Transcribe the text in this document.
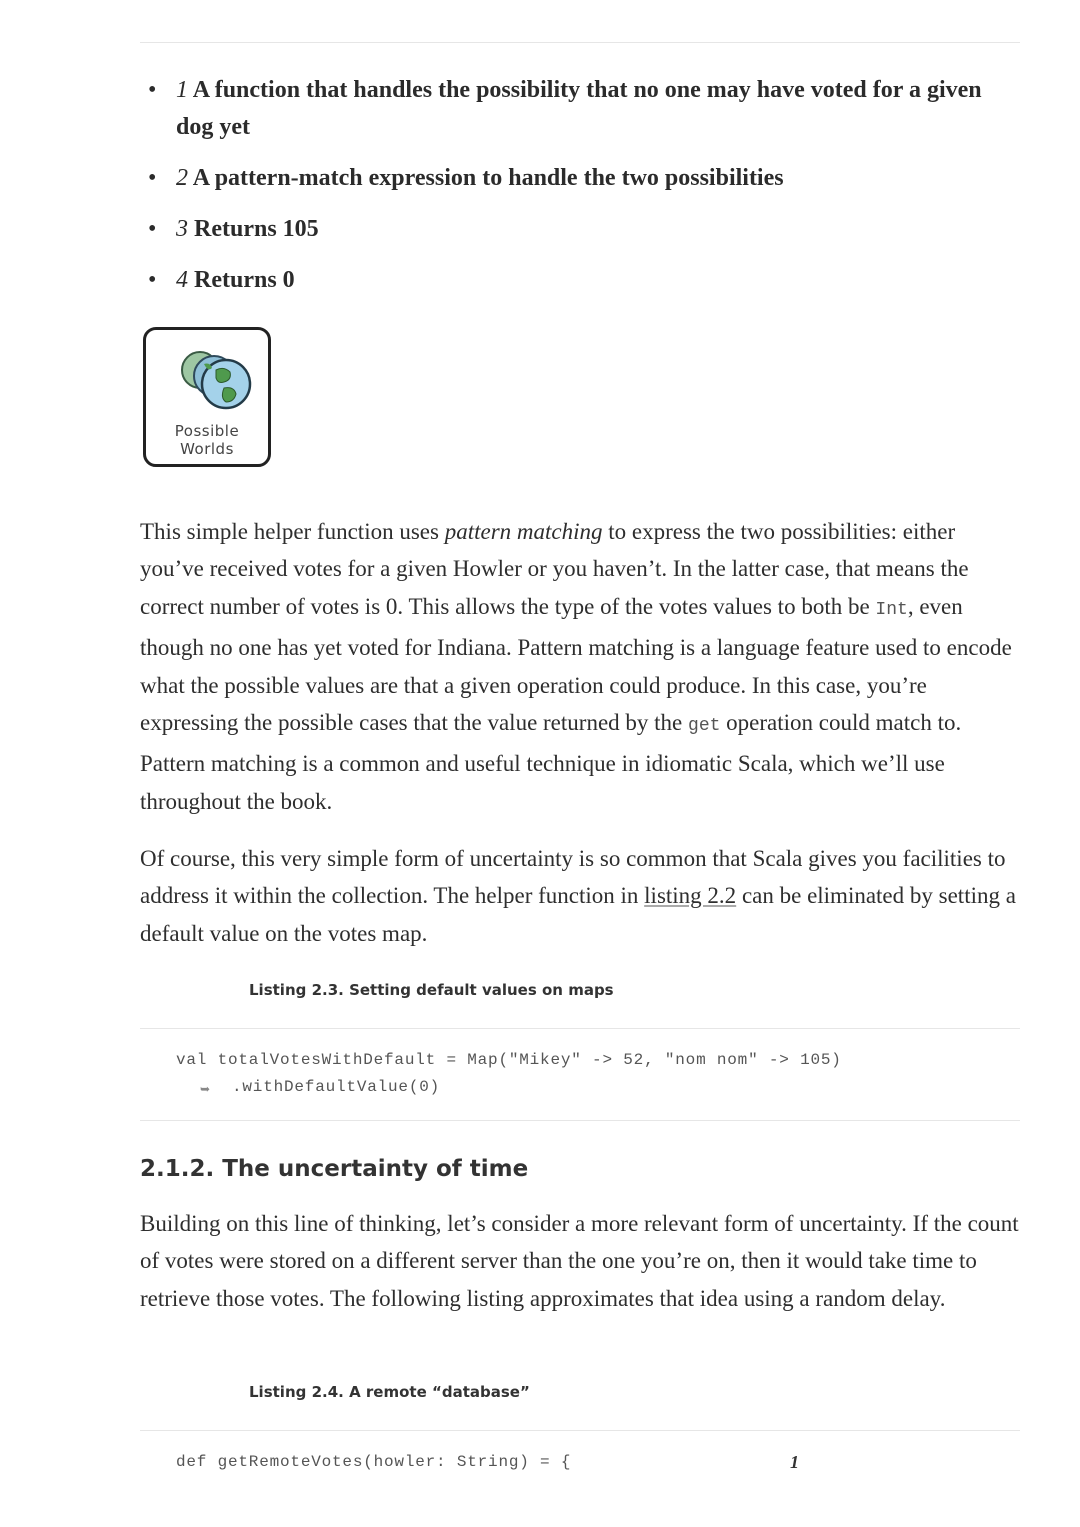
• 1 A function that handles the possibility that no one may have voted for a given dog yet
• 2 A pattern-match expression to handle the two possibilities
• 3 Returns 105
• 4 Returns 0
Possible Worlds

This simple helper function uses pattern matching to express the two possibilities: either you’ve received votes for a given Howler or you haven’t. In the latter case, that means the correct number of votes is 0. This allows the type of the votes values to both be Int, even though no one has yet voted for Indiana. Pattern matching is a language feature used to encode what the possible values are that a given operation could produce. In this case, you’re expressing the possible cases that the value returned by the get operation could match to. Pattern matching is a common and useful technique in idiomatic Scala, which we’ll use throughout the book.

Of course, this very simple form of uncertainty is so common that Scala gives you facilities to address it within the collection. The helper function in listing 2.2 can be eliminated by setting a default value on the votes map.

Listing 2.3. Setting default values on maps

val totalVotesWithDefault = Map("Mikey" -> 52, "nom nom" -> 105)
➥ .withDefaultValue(0)
2.1.2. The uncertainty of time

Building on this line of thinking, let’s consider a more relevant form of uncertainty. If the count of votes were stored on a different server than the one you’re on, then it would take time to retrieve those votes. The following listing approximates that idea using a random delay.

Listing 2.4. A remote “database”

def getRemoteVotes(howler: String) = {	1
